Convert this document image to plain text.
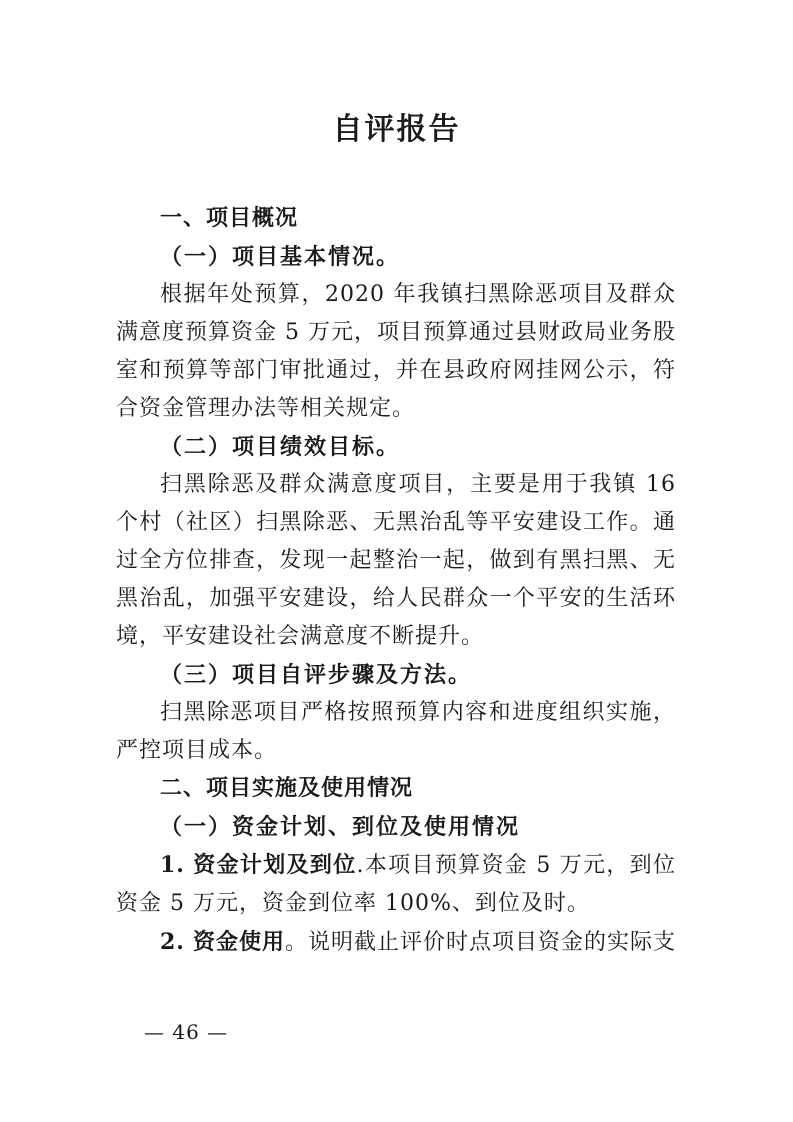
自评报告

一、项目概况

（一）项目基本情况。

根据年处预算，2020 年我镇扫黑除恶项目及群众满意度预算资金 5 万元，项目预算通过县财政局业务股室和预算等部门审批通过，并在县政府网挂网公示，符合资金管理办法等相关规定。

（二）项目绩效目标。

扫黑除恶及群众满意度项目，主要是用于我镇 16 个村（社区）扫黑除恶、无黑治乱等平安建设工作。通过全方位排查，发现一起整治一起，做到有黑扫黑、无黑治乱，加强平安建设，给人民群众一个平安的生活环境，平安建设社会满意度不断提升。

（三）项目自评步骤及方法。

扫黑除恶项目严格按照预算内容和进度组织实施，严控项目成本。

二、项目实施及使用情况

（一）资金计划、到位及使用情况

1. 资金计划及到位.本项目预算资金 5 万元，到位资金 5 万元，资金到位率 100%、到位及时。

2. 资金使用。说明截止评价时点项目资金的实际支

— 46 —
